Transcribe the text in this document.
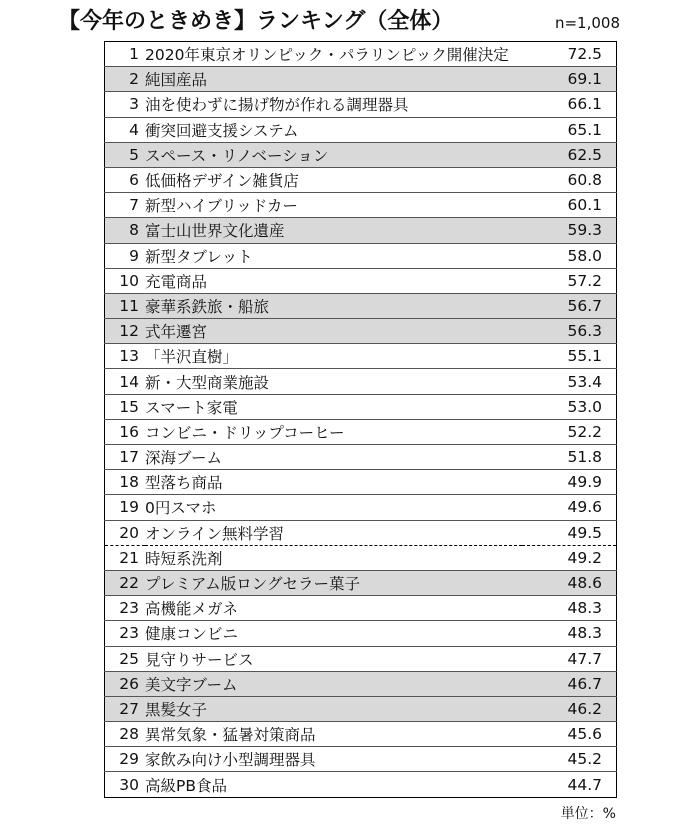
【今年のときめき】ランキング（全体）	n=1,008
1	2020年東京オリンピック・パラリンピック開催決定	72.5
2	純国産品	69.1
3	油を使わずに揚げ物が作れる調理器具	66.1
4	衝突回避支援システム	65.1
5	スペース・リノベーション	62.5
6	低価格デザイン雑貨店	60.8
7	新型ハイブリッドカー	60.1
8	富士山世界文化遺産	59.3
9	新型タブレット	58.0
10	充電商品	57.2
11	豪華系鉄旅・船旅	56.7
12	式年遷宮	56.3
13	「半沢直樹」	55.1
14	新・大型商業施設	53.4
15	スマート家電	53.0
16	コンビニ・ドリップコーヒー	52.2
17	深海ブーム	51.8
18	型落ち商品	49.9
19	0円スマホ	49.6
20	オンライン無料学習	49.5
21	時短系洗剤	49.2
22	プレミアム版ロングセラー菓子	48.6
23	高機能メガネ	48.3
23	健康コンビニ	48.3
25	見守りサービス	47.7
26	美文字ブーム	46.7
27	黒髪女子	46.2
28	異常気象・猛暑対策商品	45.6
29	家飲み向け小型調理器具	45.2
30	高級PB食品	44.7
単位：%
